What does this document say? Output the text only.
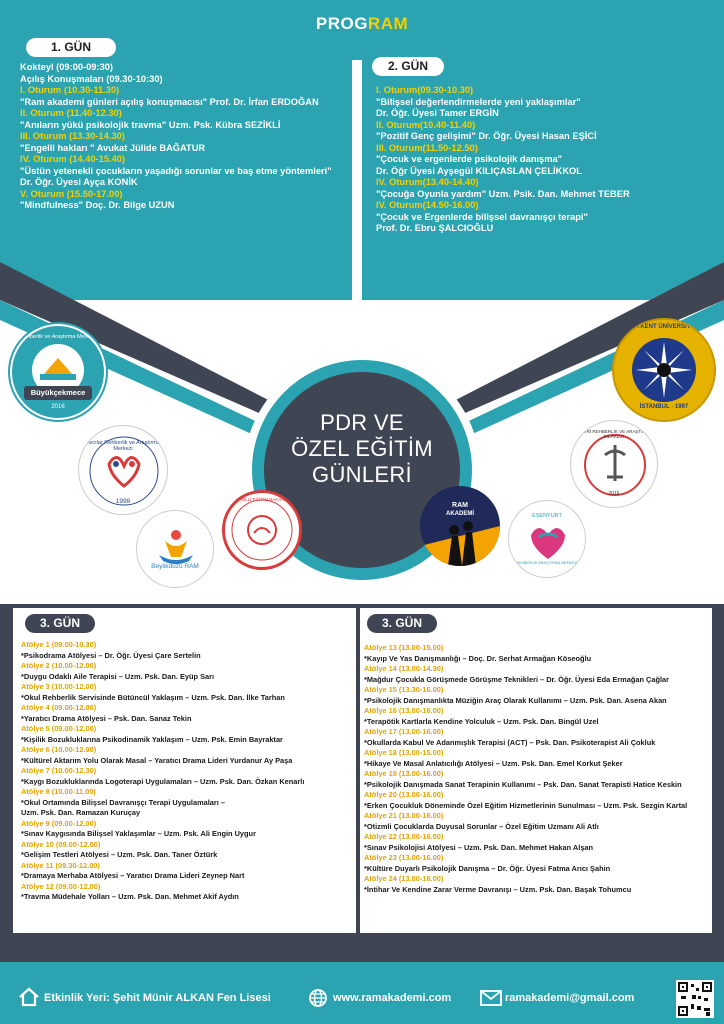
PROGRAM
1. GÜN
Kokteyl (09:00-09:30)
Açılış Konuşmaları (09.30-10:30)
I. Oturum (10.30-11.30)
"Ram akademi günleri açılış konuşmacısı" Prof. Dr. İrfan ERDOĞAN
II. Oturum (11.40-12.30)
"Anıların yükü psikolojik travma" Uzm. Psk. Kübra SEZİKLİ
III. Oturum (13.30-14.30)
"Engelli hakları " Avukat Jülide BAĞATUR
IV. Oturum (14.40-15.40)
"Üstün yetenekli çocukların yaşadığı sorunlar ve baş etme yöntemleri"
Dr. Öğr. Üyesi Ayça KONİK
V. Oturum (15.50-17.00)
"Mindfulness" Doç. Dr. Bilge UZUN
2. GÜN
I. Oturum(09.30-10.30)
"Bilişsel değerlendirmelerde yeni yaklaşımlar"
Dr. Öğr. Üyesi Tamer ERGİN
II. Oturum(10.40-11.40)
"Pozitif Genç gelişimi" Dr. Öğr. Üyesi Hasan EŞİCİ
III. Oturum(11.50-12.50)
"Çocuk ve ergenlerde psikolojik danışma"
Dr. Öğr Üyesi Ayşegül KILIÇASLAN ÇELİKKOL
IV. Oturum(13.40-14.40)
"Çocuğa Oyunla yardım" Uzm. Psik. Dan. Mehmet TEBER
IV. Oturum(14.50-16.00)
"Çocuk ve Ergenlerde bilişsel davranışçı terapi"
Prof. Dr. Ebru ŞALCIOĞLU
PDR VE
ÖZEL EĞİTİM
GÜNLERİ
Rehberlik ve Araştırma Merkezi
Büyükçekmece
2016
Avcılar Rehberlik ve Araştırma Merkezi
1998
Beylikdüzü RAM
T.C. MİLLİ EĞİTİM BAKANLIĞI
RAM
AKADEMİ	ESENYURT
REHBERLİK ARAŞTIRMA MERKEZİ
SİLİVRİ REHBERLİK VE ARAŞTIRMA MERKEZİ
2016
BEYKENT ÜNİVERSİTESİ
İSTANBUL · 1997
3. GÜN	3. GÜN
Atölye 1 (09.00-10.30)
*Psikodrama Atölyesi – Dr. Öğr. Üyesi Çare Sertelin
Atölye 2 (10.00-12.00)
*Duygu Odaklı Aile Terapisi – Uzm. Psk. Dan. Eyüp Sarı
Atölye 3 (10.00-12.00)
*Okul Rehberlik Servisinde Bütüncül Yaklaşım – Uzm. Psk. Dan. İlke Tarhan
Atölye 4 (09.00-12.00)
*Yaratıcı Drama Atölyesi – Psk. Dan. Sanaz Tekin
Atölye 5 (09.00-12.00)
*Kişilik Bozukluklarına Psikodinamik Yaklaşım – Uzm. Psk. Emin Bayraktar
Atölye 6 (10.00-12.00)
*Kültürel Aktarım Yolu Olarak Masal – Yaratıcı Drama Lideri Yurdanur Ay Paşa
Atölye 7 (10.00-12.30)
*Kaygı Bozukluklarında Logoterapi Uygulamaları – Uzm. Psk. Dan. Özkan Kenarlı
Atölye 8 (10.00-11.00)
*Okul Ortamında Bilişsel Davranışçı Terapi Uygulamaları –
Uzm. Psk. Dan. Ramazan Kuruçay
Atölye 9 (09.00-12.00)
*Sınav Kaygısında Bilişsel Yaklaşımlar – Uzm. Psk. Ali Engin Uygur
Atölye 10 (09.00-12.00)
*Gelişim Testleri Atölyesi – Uzm. Psk. Dan. Taner Öztürk
Atölye 11 (09.30-12.00)
*Dramaya Merhaba Atölyesi – Yaratıcı Drama Lideri Zeynep Nart
Atölye 12 (09.00-12.00)
*Travma Müdehale Yolları – Uzm. Psk. Dan. Mehmet Akif Aydın
Atölye 13 (13.00-15.00)
*Kayıp Ve Yas Danışmanlığı – Doç. Dr. Serhat Armağan Köseoğlu
Atölye 14 (13.00-14.30)
*Mağdur Çocukla Görüşmede Görüşme Teknikleri – Dr. Öğr. Üyesi Eda Ermağan Çağlar
Atölye 15 (13.30-16.00)
*Psikolojik Danışmanlıkta Müziğin Araç Olarak Kullanımı – Uzm. Psk. Dan. Asena Akan
Atölye 16 (13.00-16.00)
*Terapötik Kartlarla Kendine Yolculuk – Uzm. Psk. Dan. Bingül Uzel
Atölye 17 (13.00-16.00)
*Okullarda Kabul Ve Adanmışlık Terapisi (ACT) – Psk. Dan. Psikoterapist Ali Çokluk
Atölye 18 (13.00-15.00)
*Hikaye Ve Masal Anlatıcılığı Atölyesi – Uzm. Psk. Dan. Emel Korkut Şeker
Atölye 19 (13.00-16.00)
*Psikolojik Danışmada Sanat Terapinin Kullanımı – Psk. Dan. Sanat Terapisti Hatice Keskin
Atölye 20 (13.00-16.00)
*Erken Çocukluk Döneminde Özel Eğitim Hizmetlerinin Sunulması – Uzm. Psk. Sezgin Kartal
Atölye 21 (13.00-16.00)
*Otizmli Çocuklarda Duyusal Sorunlar – Özel Eğitim Uzmanı Ali Atlı
Atölye 22 (13.00-16.00)
*Sınav Psikolojisi Atölyesi – Uzm. Psk. Dan. Mehmet Hakan Alşan
Atölye 23 (13.00-16.00)
*Kültüre Duyarlı Psikolojik Danışma – Dr. Öğr. Üyesi Fatma Arıcı Şahin
Atölye 24 (13.00-16.00)
*İntihar Ve Kendine Zarar Verme Davranışı – Uzm. Psk. Dan. Başak Tohumcu
Etkinlik Yeri: Şehit Münir ALKAN Fen Lisesi	www.ramakademi.com	ramakademi@gmail.com
